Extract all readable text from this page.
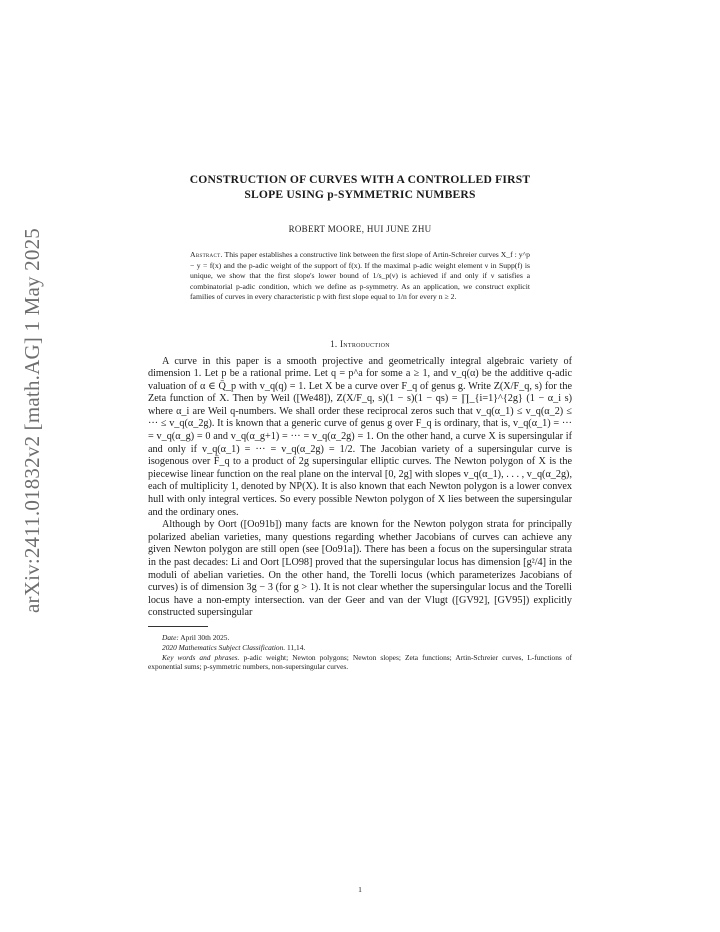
arXiv:2411.01832v2 [math.AG] 1 May 2025
CONSTRUCTION OF CURVES WITH A CONTROLLED FIRST
SLOPE USING p-SYMMETRIC NUMBERS
ROBERT MOORE, HUI JUNE ZHU
Abstract. This paper establishes a constructive link between the first slope of Artin-Schreier curves X_f : y^p − y = f(x) and the p-adic weight of the support of f(x). If the maximal p-adic weight element ν in Supp(f) is unique, we show that the first slope's lower bound of 1/s_p(ν) is achieved if and only if ν satisfies a combinatorial p-adic condition, which we define as p-symmetry. As an application, we construct explicit families of curves in every characteristic p with first slope equal to 1/n for every n ≥ 2.
1. Introduction

A curve in this paper is a smooth projective and geometrically integral algebraic variety of dimension 1. Let p be a rational prime. Let q = p^a for some a ≥ 1, and v_q(α) be the additive q-adic valuation of α ∈ Q̄_p with v_q(q) = 1. Let X be a curve over F_q of genus g. Write Z(X/F_q, s) for the Zeta function of X. Then by Weil ([We48]), Z(X/F_q, s)(1 − s)(1 − qs) = ∏_{i=1}^{2g} (1 − α_i s) where α_i are Weil q-numbers. We shall order these reciprocal zeros such that v_q(α_1) ≤ v_q(α_2) ≤ ··· ≤ v_q(α_2g). It is known that a generic curve of genus g over F_q is ordinary, that is, v_q(α_1) = ··· = v_q(α_g) = 0 and v_q(α_g+1) = ··· = v_q(α_2g) = 1. On the other hand, a curve X is supersingular if and only if v_q(α_1) = ··· = v_q(α_2g) = 1/2. The Jacobian variety of a supersingular curve is isogenous over F̄_q to a product of 2g supersingular elliptic curves. The Newton polygon of X is the piecewise linear function on the real plane on the interval [0, 2g] with slopes v_q(α_1), . . . , v_q(α_2g), each of multiplicity 1, denoted by NP(X). It is also known that each Newton polygon is a lower convex hull with only integral vertices. So every possible Newton polygon of X lies between the supersingular and the ordinary ones.

Although by Oort ([Oo91b]) many facts are known for the Newton polygon strata for principally polarized abelian varieties, many questions regarding whether Jacobians of curves can achieve any given Newton polygon are still open (see [Oo91a]). There has been a focus on the supersingular strata in the past decades: Li and Oort [LO98] proved that the supersingular locus has dimension [g²/4] in the moduli of abelian varieties. On the other hand, the Torelli locus (which parameterizes Jacobians of curves) is of dimension 3g − 3 (for g > 1). It is not clear whether the supersingular locus and the Torelli locus have a non-empty intersection. van der Geer and van der Vlugt ([GV92], [GV95]) explicitly constructed supersingular

Date: April 30th 2025.

2020 Mathematics Subject Classification. 11,14.

Key words and phrases. p-adic weight; Newton polygons; Newton slopes; Zeta functions; Artin-Schreier curves, L-functions of exponential sums; p-symmetric numbers, non-supersingular curves.

1
